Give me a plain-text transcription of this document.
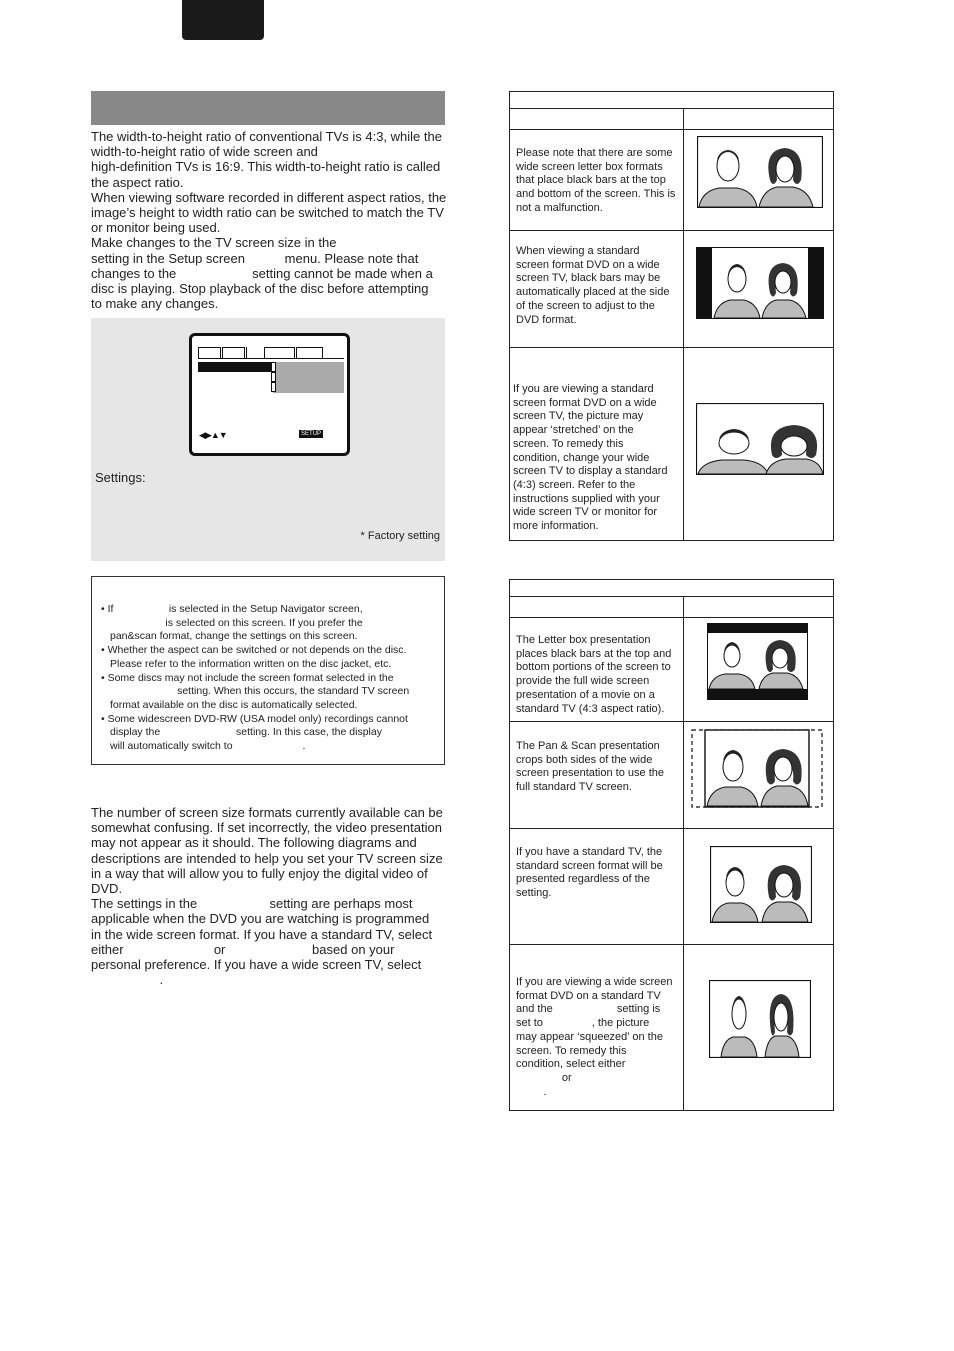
The width-to-height ratio of conventional TVs is 4:3, while the

width-to-height ratio of wide screen and

high-definition TVs is 16:9. This width-to-height ratio is called

the aspect ratio.

When viewing software recorded in different aspect ratios, the

image’s height to width ratio can be switched to match the TV

or monitor being used.

Make changes to the TV screen size in the

setting in the Setup screen           menu. Please note that

changes to the                     setting cannot be made when a

disc is playing. Stop playback of the disc before attempting

to make any changes.

◀▶▲▼	SETUP
Settings:
* Factory setting
• If                   is selected in the Setup Navigator screen,
is selected on this screen. If you prefer the
pan&scan format, change the settings on this screen.
• Whether the aspect can be switched or not depends on the disc.
Please refer to the information written on the disc jacket, etc.
• Some discs may not include the screen format selected in the
setting. When this occurs, the standard TV screen
format available on the disc is automatically selected.
• Some widescreen DVD-RW (USA model only) recordings cannot
display the                          setting. In this case, the display
will automatically switch to                        .

The number of screen size formats currently available can be

somewhat confusing. If set incorrectly, the video presentation

may not appear as it should. The following diagrams and

descriptions are intended to help you set your TV screen size

in a way that will allow you to fully enjoy the digital video of

DVD.

The settings in the                    setting are perhaps most

applicable when the DVD you are watching is programmed

in the wide screen format. If you have a standard TV, select

either                         or                        based on your

personal preference. If you have a wide screen TV, select

.

Please note that there are some
wide screen letter box formats
that place black bars at the top
and bottom of the screen. This is
not a malfunction.
When viewing a standard
screen format DVD on a wide
screen TV, black bars may be
automatically placed at the side
of the screen to adjust to the
DVD format.
If you are viewing a standard
screen format DVD on a wide
screen TV, the picture may
appear ‘stretched’ on the
screen. To remedy this
condition, change your wide
screen TV to display a standard
(4:3) screen. Refer to the
instructions supplied with your
wide screen TV or monitor for
more information.
The Letter box presentation
places black bars at the top and
bottom portions of the screen to
provide the full wide screen
presentation of a movie on a
standard TV (4:3 aspect ratio).
The Pan & Scan presentation
crops both sides of the wide
screen presentation to use the
full standard TV screen.
If you have a standard TV, the
standard screen format will be
presented regardless of the
setting.
If you are viewing a wide screen
format DVD on a standard TV
and the                     setting is
set to                , the picture
may appear ‘squeezed’ on the
screen. To remedy this
condition, select either
or
.
